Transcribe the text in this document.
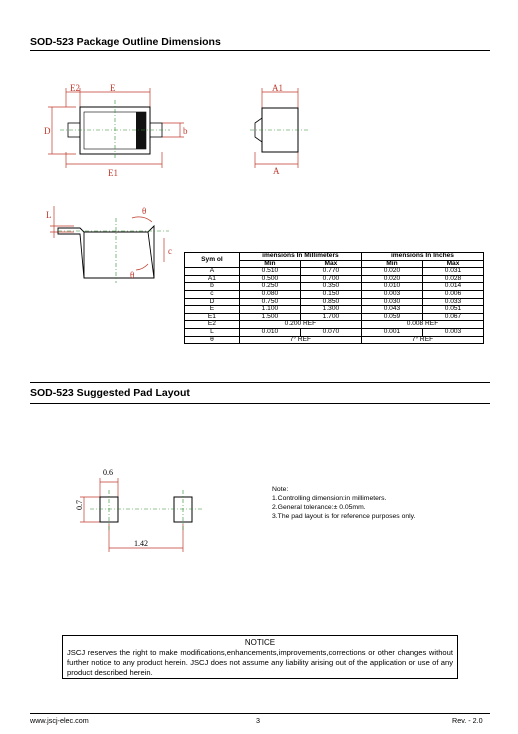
SOD-523 Package Outline Dimensions
E2	E
E1
D	b
A1
A
L	θ
θ
c
Sym ol	imensions In Millimeters		imensions In Inches	
	Min	Max	Min	Max
A	0.510	0.770	0.020	0.031
A1	0.500	0.700	0.020	0.028
b	0.250	0.350	0.010	0.014
c	0.080	0.150	0.003	0.006
D	0.750	0.850	0.030	0.033
E	1.100	1.300	0.043	0.051
E1	1.500	1.700	0.059	0.067
E2	0.200 REF		0.008 REF	
L	0.010	0.070	0.001	0.003
θ	7° REF		7° REF	
SOD-523 Suggested Pad Layout
0.6
0.7
1.42
Note:
1.Controlling dimension:in millimeters.
2.General tolerance:± 0.05mm.
3.The pad layout is for reference purposes only.
NOTICE
JSCJ reserves the right to make modifications,enhancements,improvements,corrections or other changes without further notice to any product herein. JSCJ does not assume any liability arising out of the application or use of any product described herein.
www.jscj-elec.com	3	Rev. - 2.0
